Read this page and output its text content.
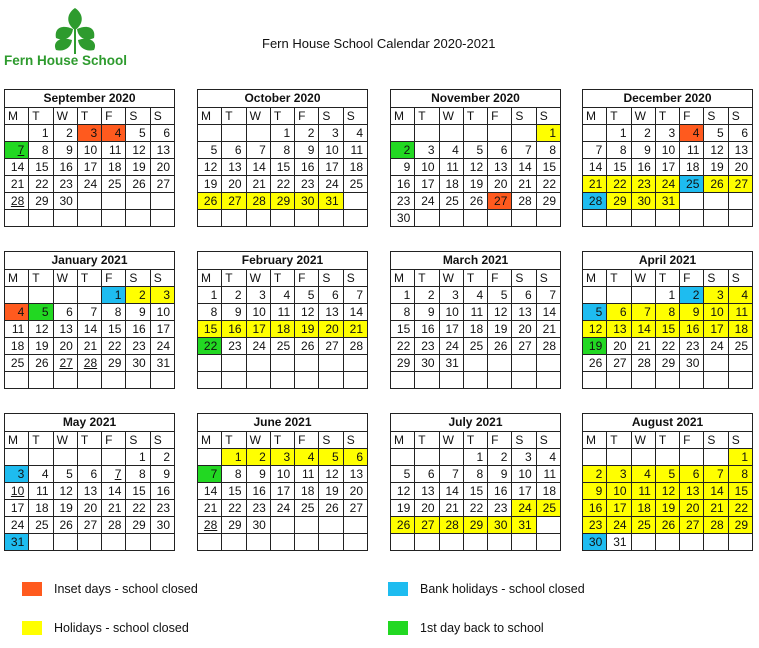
Fern House School
Fern House School Calendar 2020-2021
September 2020
M	T	W	T	F	S	S
	1	2	3	4	5	6
7	8	9	10	11	12	13
14	15	16	17	18	19	20
21	22	23	24	25	26	27
28	29	30				

October 2020
M	T	W	T	F	S	S
			1	2	3	4
5	6	7	8	9	10	11
12	13	14	15	16	17	18
19	20	21	22	23	24	25
26	27	28	29	30	31	

November 2020
M	T	W	T	F	S	S
						1
2	3	4	5	6	7	8
9	10	11	12	13	14	15
16	17	18	19	20	21	22
23	24	25	26	27	28	29
30						
December 2020
M	T	W	T	F	S	S
	1	2	3	4	5	6
7	8	9	10	11	12	13
14	15	16	17	18	19	20
21	22	23	24	25	26	27
28	29	30	31			

January 2021
M	T	W	T	F	S	S
				1	2	3
4	5	6	7	8	9	10
11	12	13	14	15	16	17
18	19	20	21	22	23	24
25	26	27	28	29	30	31

February 2021
M	T	W	T	F	S	S
1	2	3	4	5	6	7
8	9	10	11	12	13	14
15	16	17	18	19	20	21
22	23	24	25	26	27	28

March 2021
M	T	W	T	F	S	S
1	2	3	4	5	6	7
8	9	10	11	12	13	14
15	16	17	18	19	20	21
22	23	24	25	26	27	28
29	30	31				

April 2021
M	T	W	T	F	S	S
			1	2	3	4
5	6	7	8	9	10	11
12	13	14	15	16	17	18
19	20	21	22	23	24	25
26	27	28	29	30		

May 2021
M	T	W	T	F	S	S
					1	2
3	4	5	6	7	8	9
10	11	12	13	14	15	16
17	18	19	20	21	22	23
24	25	26	27	28	29	30
31						
June 2021
M	T	W	T	F	S	S
	1	2	3	4	5	6
7	8	9	10	11	12	13
14	15	16	17	18	19	20
21	22	23	24	25	26	27
28	29	30				

July 2021
M	T	W	T	F	S	S
			1	2	3	4
5	6	7	8	9	10	11
12	13	14	15	16	17	18
19	20	21	22	23	24	25
26	27	28	29	30	31	

August 2021
M	T	W	T	F	S	S
						1
2	3	4	5	6	7	8
9	10	11	12	13	14	15
16	17	18	19	20	21	22
23	24	25	26	27	28	29
30	31					
Inset days - school closed	Bank holidays - school closed
Holidays - school closed	1st day back to school
